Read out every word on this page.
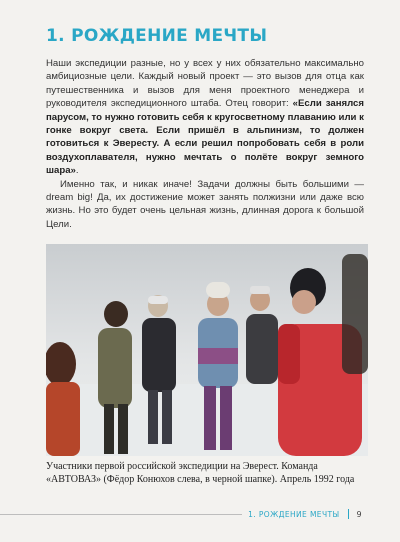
1. РОЖДЕНИЕ МЕЧТЫ

Наши экспедиции разные, но у всех у них обязательно максимально амбициозные цели. Каждый новый проект — это вызов для отца как путешественника и вызов для меня проектного менеджера и руководителя экспедиционного штаба. Отец говорит: «Если занялся парусом, то нужно готовить себя к кругосветному плаванию или к гонке вокруг света. Если пришёл в альпинизм, то должен готовиться к Эвересту. А если решил попробовать себя в роли воздухоплавателя, нужно мечтать о полёте вокруг земного шара».

Именно так, и никак иначе! Задачи должны быть большими — dream big! Да, их достижение может занять полжизни или даже всю жизнь. Но это будет очень цельная жизнь, длинная дорога к большой Цели.

Участники первой российской экспедиции на Эверест. Команда «АВТОВАЗ» (Фёдор Конюхов слева, в черной шапке). Апрель 1992 года

1. РОЖДЕНИЕ МЕЧТЫ 9
